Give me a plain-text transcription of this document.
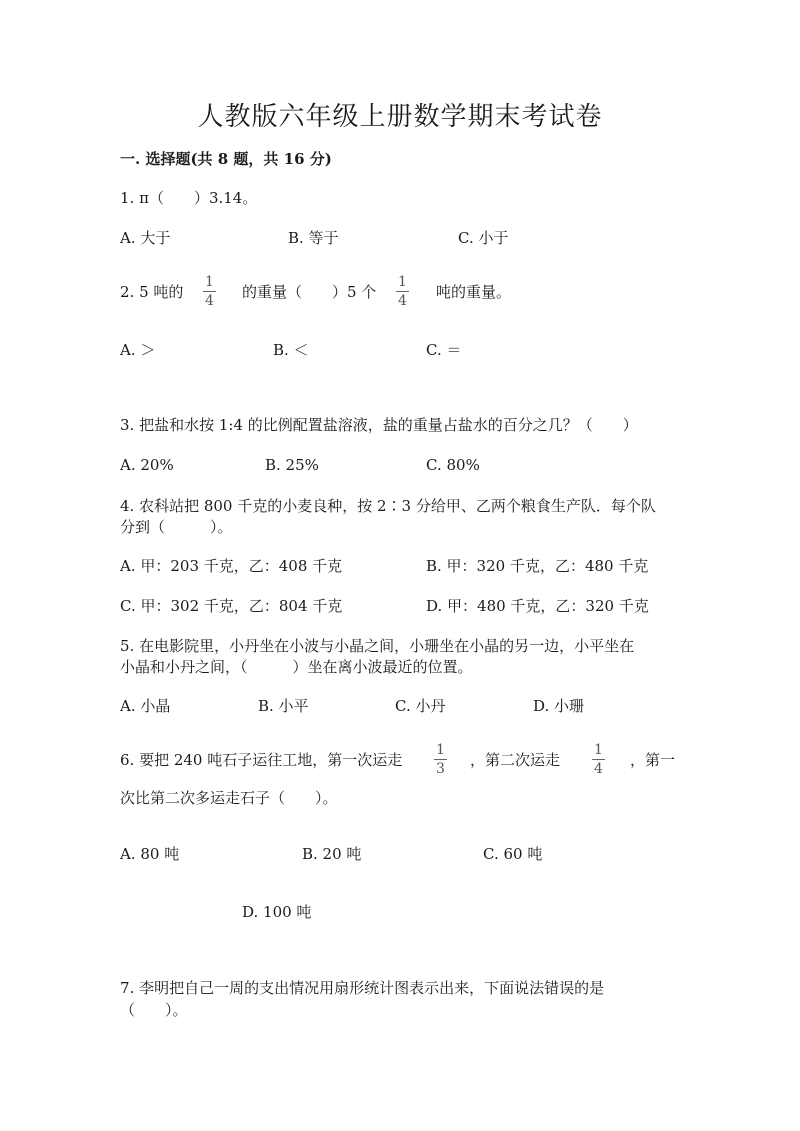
人教版六年级上册数学期末考试卷
一. 选择题(共 8 题，共 16 分)
1. π（　　）3.14。
A. 大于	B. 等于	C. 小于
2. 5 吨的 $\frac{1}{4}$ 的重量（　　）5 个 $\frac{1}{4}$ 吨的重量。
A. ＞	B. ＜	C. ＝
3. 把盐和水按 1:4 的比例配置盐溶液，盐的重量占盐水的百分之几？（　　）
A. 20%	B. 25%	C. 80%
4. 农科站把 800 千克的小麦良种，按 2∶3 分给甲、乙两个粮食生产队．每个队
分到（　　　）。
A. 甲：203 千克，乙：408 千克	B. 甲：320 千克，乙：480 千克
C. 甲：302 千克，乙：804 千克	D. 甲：480 千克，乙：320 千克
5. 在电影院里，小丹坐在小波与小晶之间，小珊坐在小晶的另一边，小平坐在
小晶和小丹之间，（　　　）坐在离小波最近的位置。
A. 小晶	B. 小平	C. 小丹	D. 小珊
6. 要把 240 吨石子运往工地，第一次运走 $\frac{1}{3}$ ，第二次运走 $\frac{1}{4}$ ，第一
次比第二次多运走石子（　　）。
A. 80 吨	B. 20 吨	C. 60 吨
D. 100 吨
7. 李明把自己一周的支出情况用扇形统计图表示出来，下面说法错误的是
（　　）。
